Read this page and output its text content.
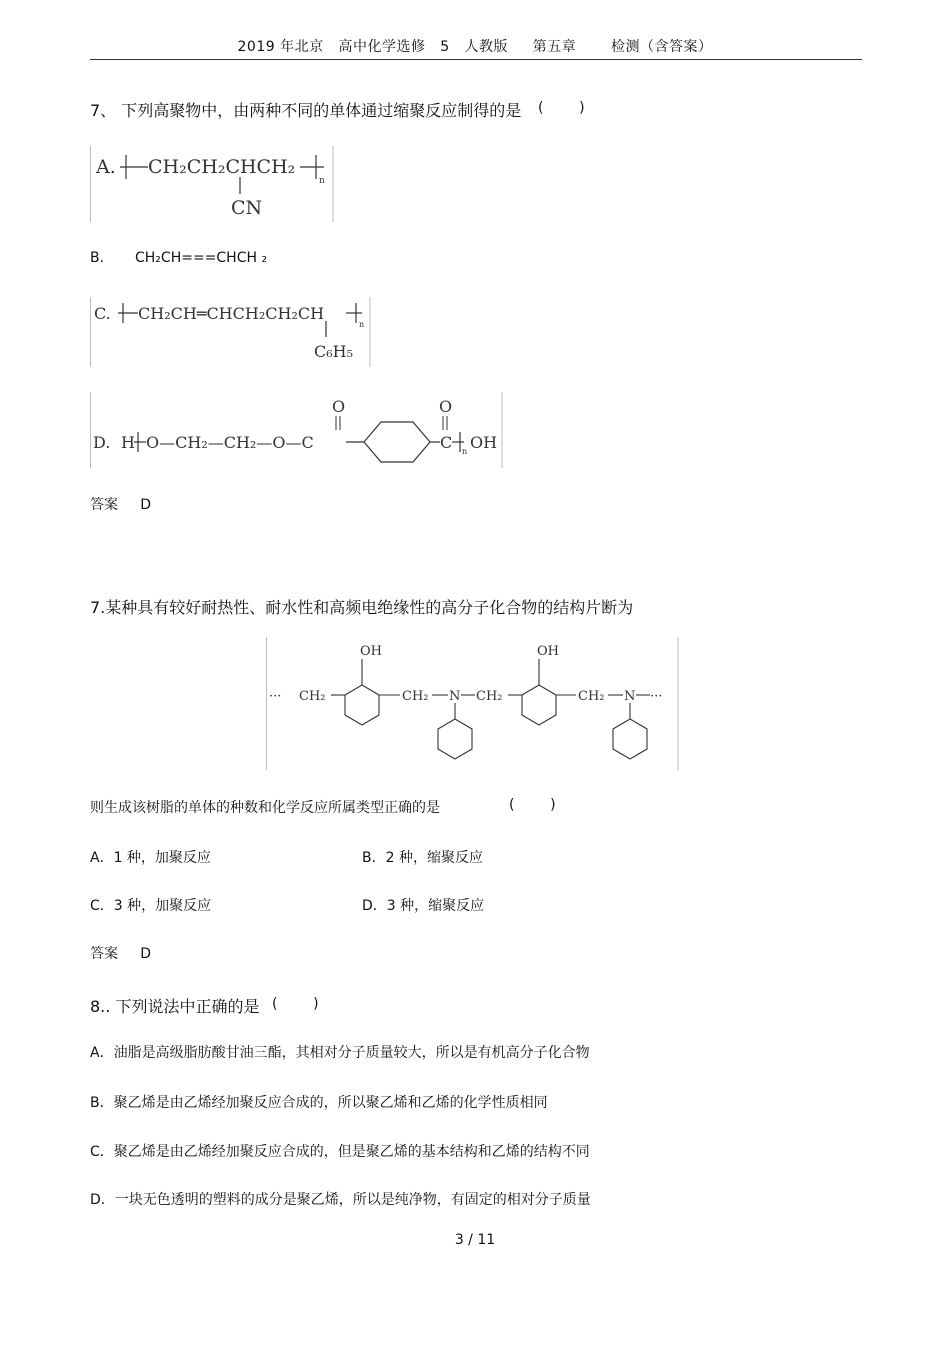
2019 年北京   高中化学选修   5   人教版     第五章       检测（含答案）
7、 下列高聚物中，由两种不同的单体通过缩聚反应制得的是 (        )
A. CH₂CH₂CHCH₂
n
CN
B. CH₂CH===CHCH ₂
C. CH₂CH═CHCH₂CH₂CH
n
C₆H₅
D. H O—CH₂—CH₂—O—C
O	O
C n OH
答案     D
7.某种具有较好耐热性、耐水性和高频电绝缘性的高分子化合物的结构片断为
··· CH₂
OH
CH₂ N CH₂
OH
CH₂ N ···
则生成该树脂的单体的种数和化学反应所属类型正确的是	(        )
A．1 种，加聚反应	B．2 种，缩聚反应
C．3 种，加聚反应	D．3 种，缩聚反应
答案     D
8.. 下列说法中正确的是 (        )
A．油脂是高级脂肪酸甘油三酯，其相对分子质量较大，所以是有机高分子化合物
B．聚乙烯是由乙烯经加聚反应合成的，所以聚乙烯和乙烯的化学性质相同
C．聚乙烯是由乙烯经加聚反应合成的，但是聚乙烯的基本结构和乙烯的结构不同
D．一块无色透明的塑料的成分是聚乙烯，所以是纯净物，有固定的相对分子质量
3 / 11
